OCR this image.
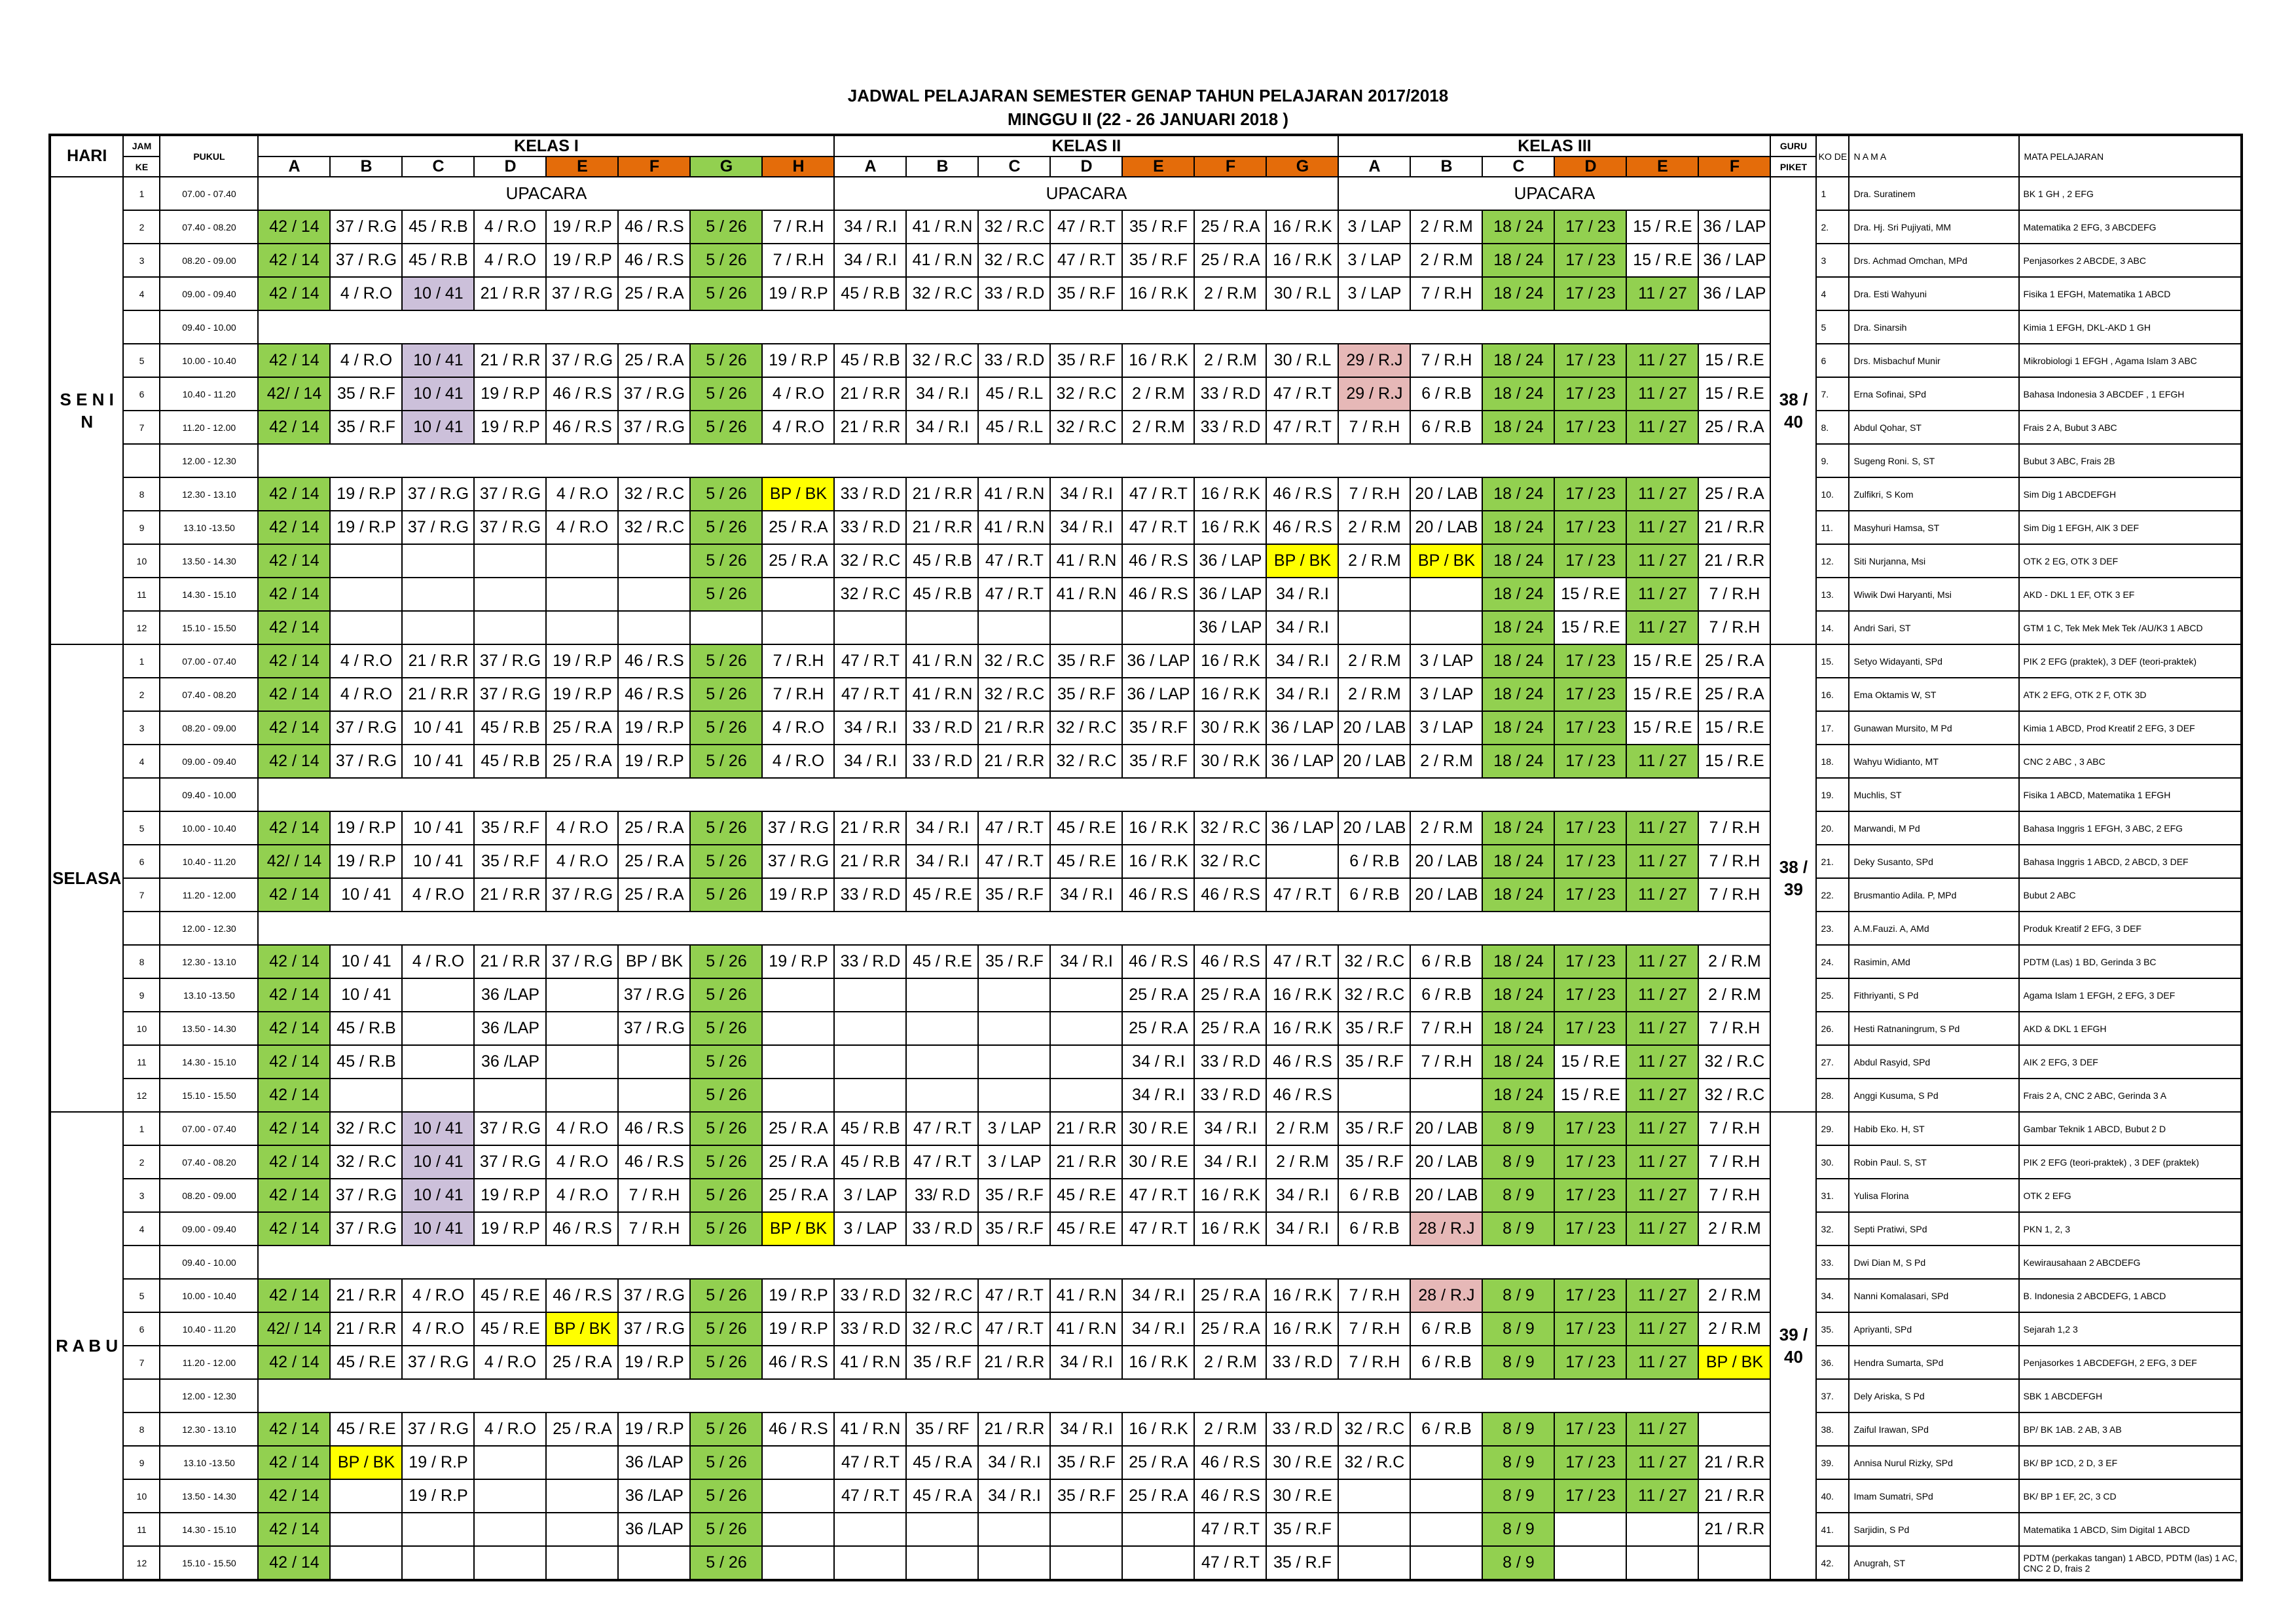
JADWAL PELAJARAN SEMESTER GENAP TAHUN PELAJARAN 2017/2018
MINGGU II (22 - 26 JANUARI 2018 )
HARI	JAM	PUKUL	KELAS I								KELAS II							KELAS III						GURU	KO DE	N A M A	MATA PELAJARAN
	KE		A	B	C	D	E	F	G	H	A	B	C	D	E	F	G	A	B	C	D	E	F	PIKET			
S E N I N	1	07.00 - 07.40	UPACARA								UPACARA							UPACARA						38 / 40	1	Dra. Suratinem	BK 1 GH , 2 EFG
	2	07.40 - 08.20	42 / 14	37 / R.G	45 / R.B	4 / R.O	19 / R.P	46 / R.S	5 / 26	7 / R.H	34 / R.I	41 / R.N	32 / R.C	47 / R.T	35 / R.F	25 / R.A	16 / R.K	3 / LAP	2 / R.M	18 / 24	17 / 23	15 / R.E	36 / LAP		2.	Dra. Hj. Sri Pujiyati, MM	Matematika 2 EFG, 3 ABCDEFG
	3	08.20 - 09.00	42 / 14	37 / R.G	45 / R.B	4 / R.O	19 / R.P	46 / R.S	5 / 26	7 / R.H	34 / R.I	41 / R.N	32 / R.C	47 / R.T	35 / R.F	25 / R.A	16 / R.K	3 / LAP	2 / R.M	18 / 24	17 / 23	15 / R.E	36 / LAP		3	Drs. Achmad Omchan, MPd	Penjasorkes 2 ABCDE, 3 ABC
	4	09.00 - 09.40	42 / 14	4 / R.O	10 / 41	21 / R.R	37 / R.G	25 / R.A	5 / 26	19 / R.P	45 / R.B	32 / R.C	33 / R.D	35 / R.F	16 / R.K	2 / R.M	30 / R.L	3 / LAP	7 / R.H	18 / 24	17 / 23	11 / 27	36 / LAP		4	Dra. Esti Wahyuni	Fisika 1 EFGH, Matematika 1 ABCD
		09.40 - 10.00																							5	Dra. Sinarsih	Kimia 1 EFGH, DKL-AKD 1 GH
	5	10.00 - 10.40	42 / 14	4 / R.O	10 / 41	21 / R.R	37 / R.G	25 / R.A	5 / 26	19 / R.P	45 / R.B	32 / R.C	33 / R.D	35 / R.F	16 / R.K	2 / R.M	30 / R.L	29 / R.J	7 / R.H	18 / 24	17 / 23	11 / 27	15 / R.E		6	Drs. Misbachuf Munir	Mikrobiologi 1 EFGH , Agama Islam 3 ABC
	6	10.40 - 11.20	42/ / 14	35 / R.F	10 / 41	19 / R.P	46 / R.S	37 / R.G	5 / 26	4 / R.O	21 / R.R	34 / R.I	45 / R.L	32 / R.C	2 / R.M	33 / R.D	47 / R.T	29 / R.J	6 / R.B	18 / 24	17 / 23	11 / 27	15 / R.E		7.	Erna Sofinai, SPd	Bahasa Indonesia 3 ABCDEF , 1 EFGH
	7	11.20 - 12.00	42 / 14	35 / R.F	10 / 41	19 / R.P	46 / R.S	37 / R.G	5 / 26	4 / R.O	21 / R.R	34 / R.I	45 / R.L	32 / R.C	2 / R.M	33 / R.D	47 / R.T	7 / R.H	6 / R.B	18 / 24	17 / 23	11 / 27	25 / R.A		8.	Abdul Qohar, ST	Frais 2 A, Bubut 3 ABC
		12.00 - 12.30																							9.	Sugeng Roni. S, ST	Bubut 3 ABC, Frais 2B
	8	12.30 - 13.10	42 / 14	19 / R.P	37 / R.G	37 / R.G	4 / R.O	32 / R.C	5 / 26	BP / BK	33 / R.D	21 / R.R	41 / R.N	34 / R.I	47 / R.T	16 / R.K	46 / R.S	7 / R.H	20 / LAB	18 / 24	17 / 23	11 / 27	25 / R.A		10.	Zulfikri, S Kom	Sim Dig 1 ABCDEFGH
	9	13.10 -13.50	42 / 14	19 / R.P	37 / R.G	37 / R.G	4 / R.O	32 / R.C	5 / 26	25 / R.A	33 / R.D	21 / R.R	41 / R.N	34 / R.I	47 / R.T	16 / R.K	46 / R.S	2 / R.M	20 / LAB	18 / 24	17 / 23	11 / 27	21 / R.R		11.	Masyhuri Hamsa, ST	Sim Dig 1 EFGH, AIK 3 DEF
	10	13.50 - 14.30	42 / 14						5 / 26	25 / R.A	32 / R.C	45 / R.B	47 / R.T	41 / R.N	46 / R.S	36 / LAP	BP / BK	2 / R.M	BP / BK	18 / 24	17 / 23	11 / 27	21 / R.R		12.	Siti Nurjanna, Msi	OTK 2 EG, OTK 3 DEF
	11	14.30 - 15.10	42 / 14						5 / 26		32 / R.C	45 / R.B	47 / R.T	41 / R.N	46 / R.S	36 / LAP	34 / R.I			18 / 24	15 / R.E	11 / 27	7 / R.H		13.	Wiwik Dwi Haryanti, Msi	AKD - DKL 1 EF, OTK 3 EF
	12	15.10 - 15.50	42 / 14													36 / LAP	34 / R.I			18 / 24	15 / R.E	11 / 27	7 / R.H		14.	Andri Sari, ST	GTM 1 C, Tek Mek Mek Tek /AU/K3 1 ABCD
SELASA	1	07.00 - 07.40	42 / 14	4 / R.O	21 / R.R	37 / R.G	19 / R.P	46 / R.S	5 / 26	7 / R.H	47 / R.T	41 / R.N	32 / R.C	35 / R.F	36 / LAP	16 / R.K	34 / R.I	2 / R.M	3 / LAP	18 / 24	17 / 23	15 / R.E	25 / R.A	38 / 39	15.	Setyo Widayanti, SPd	PIK 2 EFG (praktek), 3 DEF (teori-praktek)
	2	07.40 - 08.20	42 / 14	4 / R.O	21 / R.R	37 / R.G	19 / R.P	46 / R.S	5 / 26	7 / R.H	47 / R.T	41 / R.N	32 / R.C	35 / R.F	36 / LAP	16 / R.K	34 / R.I	2 / R.M	3 / LAP	18 / 24	17 / 23	15 / R.E	25 / R.A		16.	Ema Oktamis W, ST	ATK 2 EFG, OTK 2 F, OTK 3D
	3	08.20 - 09.00	42 / 14	37 / R.G	10 / 41	45 / R.B	25 / R.A	19 / R.P	5 / 26	4 / R.O	34 / R.I	33 / R.D	21 / R.R	32 / R.C	35 / R.F	30 / R.K	36 / LAP	20 / LAB	3 / LAP	18 / 24	17 / 23	15 / R.E	15 / R.E		17.	Gunawan Mursito, M Pd	Kimia 1 ABCD, Prod Kreatif 2 EFG, 3 DEF
	4	09.00 - 09.40	42 / 14	37 / R.G	10 / 41	45 / R.B	25 / R.A	19 / R.P	5 / 26	4 / R.O	34 / R.I	33 / R.D	21 / R.R	32 / R.C	35 / R.F	30 / R.K	36 / LAP	20 / LAB	2 / R.M	18 / 24	17 / 23	11 / 27	15 / R.E		18.	Wahyu Widianto, MT	CNC 2 ABC , 3 ABC
		09.40 - 10.00																							19.	Muchlis, ST	Fisika 1 ABCD, Matematika 1 EFGH
	5	10.00 - 10.40	42 / 14	19 / R.P	10 / 41	35 / R.F	4 / R.O	25 / R.A	5 / 26	37 / R.G	21 / R.R	34 / R.I	47 / R.T	45 / R.E	16 / R.K	32 / R.C	36 / LAP	20 / LAB	2 / R.M	18 / 24	17 / 23	11 / 27	7 / R.H		20.	Marwandi, M Pd	Bahasa Inggris 1 EFGH, 3 ABC, 2 EFG
	6	10.40 - 11.20	42/ / 14	19 / R.P	10 / 41	35 / R.F	4 / R.O	25 / R.A	5 / 26	37 / R.G	21 / R.R	34 / R.I	47 / R.T	45 / R.E	16 / R.K	32 / R.C		6 / R.B	20 / LAB	18 / 24	17 / 23	11 / 27	7 / R.H		21.	Deky Susanto, SPd	Bahasa Inggris 1 ABCD, 2 ABCD, 3 DEF
	7	11.20 - 12.00	42 / 14	10 / 41	4 / R.O	21 / R.R	37 / R.G	25 / R.A	5 / 26	19 / R.P	33 / R.D	45 / R.E	35 / R.F	34 / R.I	46 / R.S	46 / R.S	47 / R.T	6 / R.B	20 / LAB	18 / 24	17 / 23	11 / 27	7 / R.H		22.	Brusmantio Adila. P, MPd	Bubut 2 ABC
		12.00 - 12.30																							23.	A.M.Fauzi. A, AMd	Produk Kreatif 2 EFG, 3 DEF
	8	12.30 - 13.10	42 / 14	10 / 41	4 / R.O	21 / R.R	37 / R.G	BP / BK	5 / 26	19 / R.P	33 / R.D	45 / R.E	35 / R.F	34 / R.I	46 / R.S	46 / R.S	47 / R.T	32 / R.C	6 / R.B	18 / 24	17 / 23	11 / 27	2 / R.M		24.	Rasimin, AMd	PDTM (Las) 1 BD, Gerinda 3 BC
	9	13.10 -13.50	42 / 14	10 / 41		36 /LAP		37 / R.G	5 / 26						25 / R.A	25 / R.A	16 / R.K	32 / R.C	6 / R.B	18 / 24	17 / 23	11 / 27	2 / R.M		25.	Fithriyanti, S Pd	Agama Islam 1 EFGH, 2 EFG, 3 DEF
	10	13.50 - 14.30	42 / 14	45 / R.B		36 /LAP		37 / R.G	5 / 26						25 / R.A	25 / R.A	16 / R.K	35 / R.F	7 / R.H	18 / 24	17 / 23	11 / 27	7 / R.H		26.	Hesti Ratnaningrum, S Pd	AKD & DKL 1 EFGH
	11	14.30 - 15.10	42 / 14	45 / R.B		36 /LAP			5 / 26						34 / R.I	33 / R.D	46 / R.S	35 / R.F	7 / R.H	18 / 24	15 / R.E	11 / 27	32 / R.C		27.	Abdul Rasyid, SPd	AIK 2 EFG, 3 DEF
	12	15.10 - 15.50	42 / 14						5 / 26						34 / R.I	33 / R.D	46 / R.S			18 / 24	15 / R.E	11 / 27	32 / R.C		28.	Anggi Kusuma, S Pd	Frais 2 A, CNC 2 ABC, Gerinda 3 A
R A B U	1	07.00 - 07.40	42 / 14	32 / R.C	10 / 41	37 / R.G	4 / R.O	46 / R.S	5 / 26	25 / R.A	45 / R.B	47 / R.T	3 / LAP	21 / R.R	30 / R.E	34 / R.I	2 / R.M	35 / R.F	20 / LAB	8 / 9	17 / 23	11 / 27	7 / R.H	39 / 40	29.	Habib Eko. H, ST	Gambar Teknik 1 ABCD, Bubut 2 D
	2	07.40 - 08.20	42 / 14	32 / R.C	10 / 41	37 / R.G	4 / R.O	46 / R.S	5 / 26	25 / R.A	45 / R.B	47 / R.T	3 / LAP	21 / R.R	30 / R.E	34 / R.I	2 / R.M	35 / R.F	20 / LAB	8 / 9	17 / 23	11 / 27	7 / R.H		30.	Robin Paul. S, ST	PIK 2 EFG (teori-praktek) , 3 DEF (praktek)
	3	08.20 - 09.00	42 / 14	37 / R.G	10 / 41	19 / R.P	4 / R.O	7 / R.H	5 / 26	25 / R.A	3 / LAP	33/ R.D	35 / R.F	45 / R.E	47 / R.T	16 / R.K	34 / R.I	6 / R.B	20 / LAB	8 / 9	17 / 23	11 / 27	7 / R.H		31.	Yulisa Florina	OTK 2 EFG
	4	09.00 - 09.40	42 / 14	37 / R.G	10 / 41	19 / R.P	46 / R.S	7 / R.H	5 / 26	BP / BK	3 / LAP	33 / R.D	35 / R.F	45 / R.E	47 / R.T	16 / R.K	34 / R.I	6 / R.B	28 / R.J	8 / 9	17 / 23	11 / 27	2 / R.M		32.	Septi Pratiwi, SPd	PKN 1, 2, 3
		09.40 - 10.00																							33.	Dwi Dian M, S Pd	Kewirausahaan 2 ABCDEFG
	5	10.00 - 10.40	42 / 14	21 / R.R	4 / R.O	45 / R.E	46 / R.S	37 / R.G	5 / 26	19 / R.P	33 / R.D	32 / R.C	47 / R.T	41 / R.N	34 / R.I	25 / R.A	16 / R.K	7 / R.H	28 / R.J	8 / 9	17 / 23	11 / 27	2 / R.M		34.	Nanni Komalasari, SPd	B. Indonesia 2 ABCDEFG, 1 ABCD
	6	10.40 - 11.20	42/ / 14	21 / R.R	4 / R.O	45 / R.E	BP / BK	37 / R.G	5 / 26	19 / R.P	33 / R.D	32 / R.C	47 / R.T	41 / R.N	34 / R.I	25 / R.A	16 / R.K	7 / R.H	6 / R.B	8 / 9	17 / 23	11 / 27	2 / R.M		35.	Apriyanti, SPd	Sejarah 1,2 3
	7	11.20 - 12.00	42 / 14	45 / R.E	37 / R.G	4 / R.O	25 / R.A	19 / R.P	5 / 26	46 / R.S	41 / R.N	35 / R.F	21 / R.R	34 / R.I	16 / R.K	2 / R.M	33 / R.D	7 / R.H	6 / R.B	8 / 9	17 / 23	11 / 27	BP / BK		36.	Hendra Sumarta, SPd	Penjasorkes 1 ABCDEFGH, 2 EFG, 3 DEF
		12.00 - 12.30																							37.	Dely Ariska, S Pd	SBK 1 ABCDEFGH
	8	12.30 - 13.10	42 / 14	45 / R.E	37 / R.G	4 / R.O	25 / R.A	19 / R.P	5 / 26	46 / R.S	41 / R.N	35 / RF	21 / R.R	34 / R.I	16 / R.K	2 / R.M	33 / R.D	32 / R.C	6 / R.B	8 / 9	17 / 23	11 / 27			38.	Zaiful Irawan, SPd	BP/ BK 1AB. 2 AB, 3 AB
	9	13.10 -13.50	42 / 14	BP / BK	19 / R.P			36 /LAP	5 / 26		47 / R.T	45 / R.A	34 / R.I	35 / R.F	25 / R.A	46 / R.S	30 / R.E	32 / R.C		8 / 9	17 / 23	11 / 27	21 / R.R		39.	Annisa Nurul Rizky, SPd	BK/ BP 1CD, 2 D, 3 EF
	10	13.50 - 14.30	42 / 14		19 / R.P			36 /LAP	5 / 26		47 / R.T	45 / R.A	34 / R.I	35 / R.F	25 / R.A	46 / R.S	30 / R.E			8 / 9	17 / 23	11 / 27	21 / R.R		40.	Imam Sumatri, SPd	BK/ BP 1 EF, 2C, 3 CD
	11	14.30 - 15.10	42 / 14					36 /LAP	5 / 26							47 / R.T	35 / R.F			8 / 9			21 / R.R		41.	Sarjidin, S Pd	Matematika 1 ABCD, Sim Digital 1 ABCD
	12	15.10 - 15.50	42 / 14						5 / 26							47 / R.T	35 / R.F			8 / 9					42.	Anugrah, ST	PDTM (perkakas tangan) 1 ABCD, PDTM (las) 1 AC, CNC 2 D, frais 2
